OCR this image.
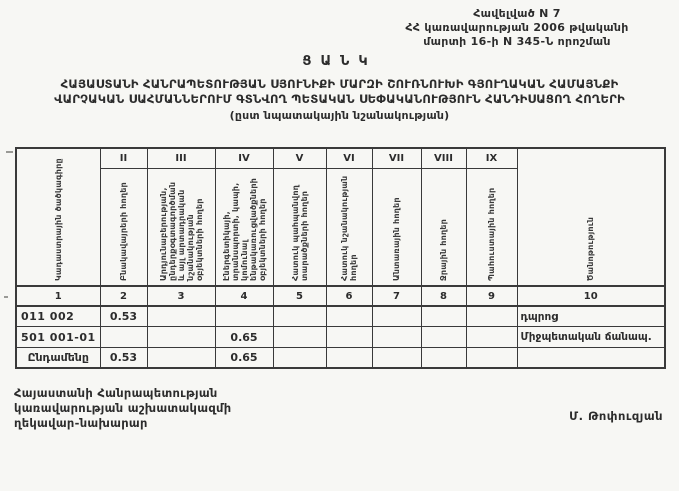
Հավելված N 7
ՀՀ կառավարության 2006 թվականի
մարտի 16-ի N 345-Ն որոշման
ՑԱՆԿ
ՀԱՅԱՍՏԱՆԻ ՀԱՆՐԱՊԵՏՈՒԹՅԱՆ ՍՅՈՒՆԻՔԻ ՄԱՐԶԻ ՇՈՒՌՆՈՒԽԻ ԳՅՈՒՂԱԿԱՆ ՀԱՄԱՅՆՔԻ
ՎԱՐՉԱԿԱՆ ՍԱՀՄԱՆՆԵՐՈՒՄ ԳՏՆՎՈՂ ՊԵՏԱԿԱՆ ՍԵՓԱԿԱՆՈՒԹՅՈՒՆ ՀԱՆԴԻՍԱՑՈՂ ՀՈՂԵՐԻ
(ըստ նպատակային նշանակության)
Կադաստրային ծածկագիրը	II	III	IV	V	VI	VII	VIII	IX	Ծանոթություն

	Բնակավայրերի հողեր	Արդյունաբերության, ընդերքօգտագործման և այլ արտադրական նշանակության օբյեկտների հողեր	Էներգետիկայի, տրանսպորտի, կապի, կոմունալ ենթակառուցվածքների օբյեկտների հողեր	Հատուկ պահպանվող տարածքների հողեր	Հատուկ նշանակության հողեր	Անտառային հողեր	Ջրային հողեր	Պահուստային հողեր	

1	2	3	4	5	6	7	8	9	10
011 002	0.53								դպրոց
501 001-01			0.65						Միջպետական ճանապ.
Ընդամենը	0.53		0.65						
Հայաստանի Հանրապետության
կառավարության աշխատակազմի
ղեկավար-նախարար	Մ. Թոփուզյան
